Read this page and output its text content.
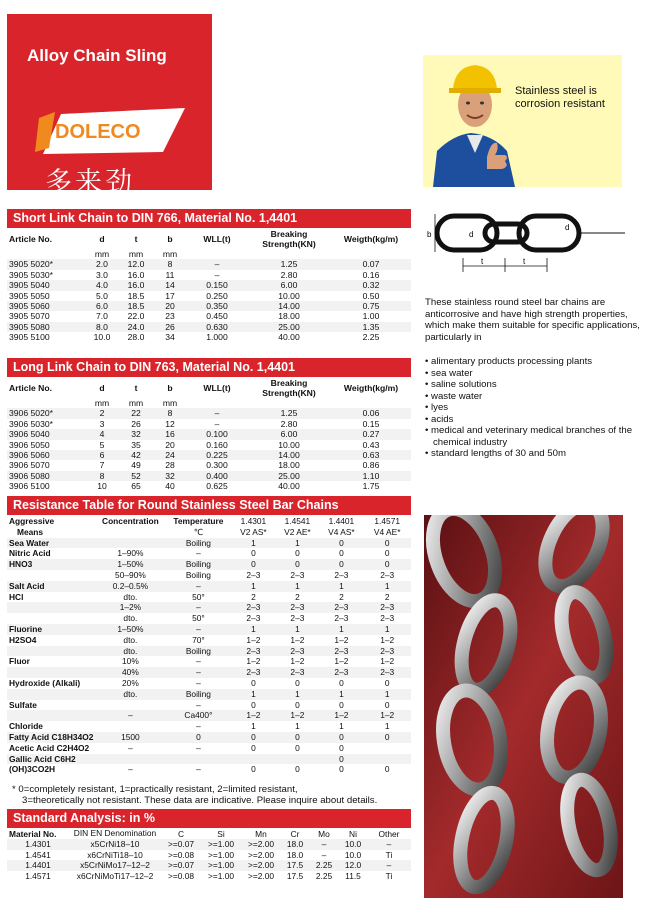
Alloy Chain Sling
DOLECO
多来劲
Stainless steel is corrosion resistant
Short Link Chain to DIN 766, Material No. 1,4401
Article No.	d	t	b	WLL(t)	Breaking Strength(KN)	Weigth(kg/m)
	mm	mm	mm			
3905 5020*	2.0	12.0	8	–	1.25	0.07
3905 5030*	3.0	16.0	11	–	2.80	0.16
3905 5040	4.0	16.0	14	0.150	6.00	0.32
3905 5050	5.0	18.5	17	0.250	10.00	0.50
3905 5060	6.0	18.5	20	0.350	14.00	0.75
3905 5070	7.0	22.0	23	0.450	18.00	1.00
3905 5080	8.0	24.0	26	0.630	25.00	1.35
3905 5100	10.0	28.0	34	1.000	40.00	2.25
Long Link Chain to DIN 763, Material No. 1,4401
Article No.	d	t	b	WLL(t)	Breaking Strength(KN)	Weigth(kg/m)
	mm	mm	mm			
3906 5020*	2	22	8	–	1.25	0.06
3906 5030*	3	26	12	–	2.80	0.15
3906 5040	4	32	16	0.100	6.00	0.27
3906 5050	5	35	20	0.160	10.00	0.43
3906 5060	6	42	24	0.225	14.00	0.63
3906 5070	7	49	28	0.300	18.00	0.86
3906 5080	8	52	32	0.400	25.00	1.10
3906 5100	10	65	40	0.625	40.00	1.75
Resistance Table for Round Stainless Steel Bar Chains
Aggressive	Concentration	Temperature	1.4301	1.4541	1.4401	1.4571
Means		℃	V2 AS*	V2 AE*	V4 AS*	V4 AE*
Sea Water		Boiling	1	1	0	0
Nitric Acid	1–90%	–	0	0	0	0
HNO3	1–50%	Boiling	0	0	0	0
	50–90%	Boiling	2–3	2–3	2–3	2–3
Salt Acid	0.2–0.5%	–	1	1	1	1
HCl	dto.	50°	2	2	2	2
	1–2%	–	2–3	2–3	2–3	2–3
	dto.	50°	2–3	2–3	2–3	2–3
Fluorine	1–50%	–	1	1	1	1
H2SO4	dto.	70°	1–2	1–2	1–2	1–2
	dto.	Boiling	2–3	2–3	2–3	2–3
Fluor	10%	–	1–2	1–2	1–2	1–2
	40%	–	2–3	2–3	2–3	2–3
Hydroxide (Alkali)	20%	–	0	0	0	0
	dto.	Boiling	1	1	1	1
Sulfate		–	0	0	0	0
	–	Ca400°	1–2	1–2	1–2	1–2
Chloride		–	1	1	1	1
Fatty Acid C18H34O2	1500	0	0	0	0	0
Acetic Acid C2H4O2	–	–	0	0	0	
Gallic Acid C6H2					0	
(OH)3CO2H	–	–	0	0	0	0
* 0=completely resistant, 1=practically resistant, 2=limited resistant,
3=theoretically not resistant. These data are indicative. Please inquire about details.
Standard Analysis: in %
Material No.	DIN EN Denomination	C	Si	Mn	Cr	Mo	Ni	Other
1.4301	x5CrNi18–10	>=0.07	>=1.00	>=2.00	18.0	–	10.0	–
1.4541	x6CrNiTi18–10	>=0.08	>=1.00	>=2.00	18.0	–	10.0	Ti
1.4401	x5CrNiMo17–12–2	>=0.07	>=1.00	>=2.00	17.5	2.25	12.0	–
1.4571	x6CrNiMoTi17–12–2	>=0.08	>=1.00	>=2.00	17.5	2.25	11.5	Ti
b	d
d
t	t
These stainless round steel bar chains are anticorrosive and have high strength properties, which make them suitable for specific applications, particularly in
• alimentary products processing plants
• sea water
• saline solutions
• waste water
• lyes
• acids
• medical and veterinary medical branches of the chemical industry
• standard lengths of 30 and 50m
